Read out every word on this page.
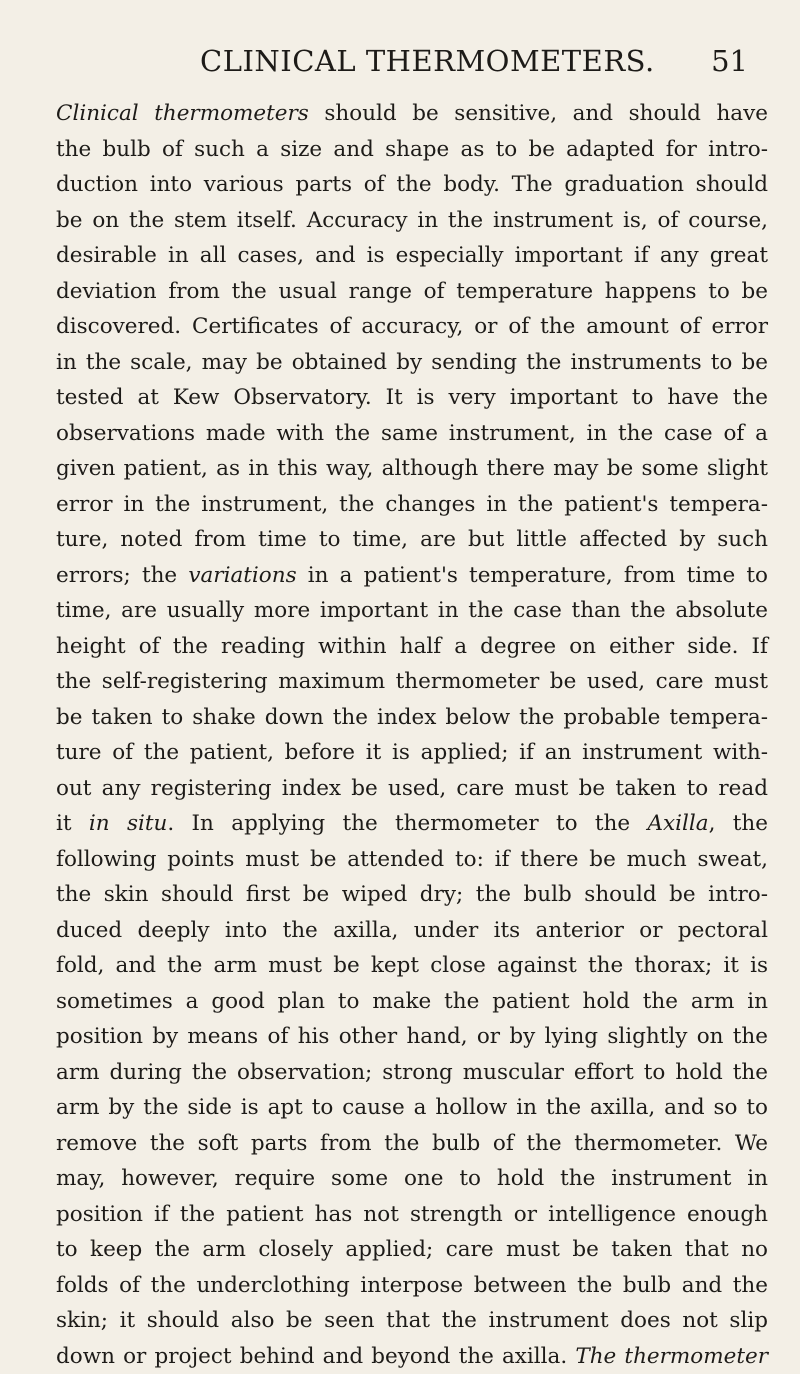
CLINICAL THERMOMETERS. 51
Clinical thermometers should be sensitive, and should have
the bulb of such a size and shape as to be adapted for intro-
duction into various parts of the body. The graduation should
be on the stem itself. Accuracy in the instrument is, of course,
desirable in all cases, and is especially important if any great
deviation from the usual range of temperature happens to be
discovered. Certificates of accuracy, or of the amount of error
in the scale, may be obtained by sending the instruments to be
tested at Kew Observatory. It is very important to have the
observations made with the same instrument, in the case of a
given patient, as in this way, although there may be some slight
error in the instrument, the changes in the patient's tempera-
ture, noted from time to time, are but little affected by such
errors; the variations in a patient's temperature, from time to
time, are usually more important in the case than the absolute
height of the reading within half a degree on either side. If
the self-registering maximum thermometer be used, care must
be taken to shake down the index below the probable tempera-
ture of the patient, before it is applied; if an instrument with-
out any registering index be used, care must be taken to read
it in situ. In applying the thermometer to the Axilla, the
following points must be attended to: if there be much sweat,
the skin should first be wiped dry; the bulb should be intro-
duced deeply into the axilla, under its anterior or pectoral
fold, and the arm must be kept close against the thorax; it is
sometimes a good plan to make the patient hold the arm in
position by means of his other hand, or by lying slightly on the
arm during the observation; strong muscular effort to hold the
arm by the side is apt to cause a hollow in the axilla, and so to
remove the soft parts from the bulb of the thermometer. We
may, however, require some one to hold the instrument in
position if the patient has not strength or intelligence enough
to keep the arm closely applied; care must be taken that no
folds of the underclothing interpose between the bulb and the
skin; it should also be seen that the instrument does not slip
down or project behind and beyond the axilla. The thermometer
